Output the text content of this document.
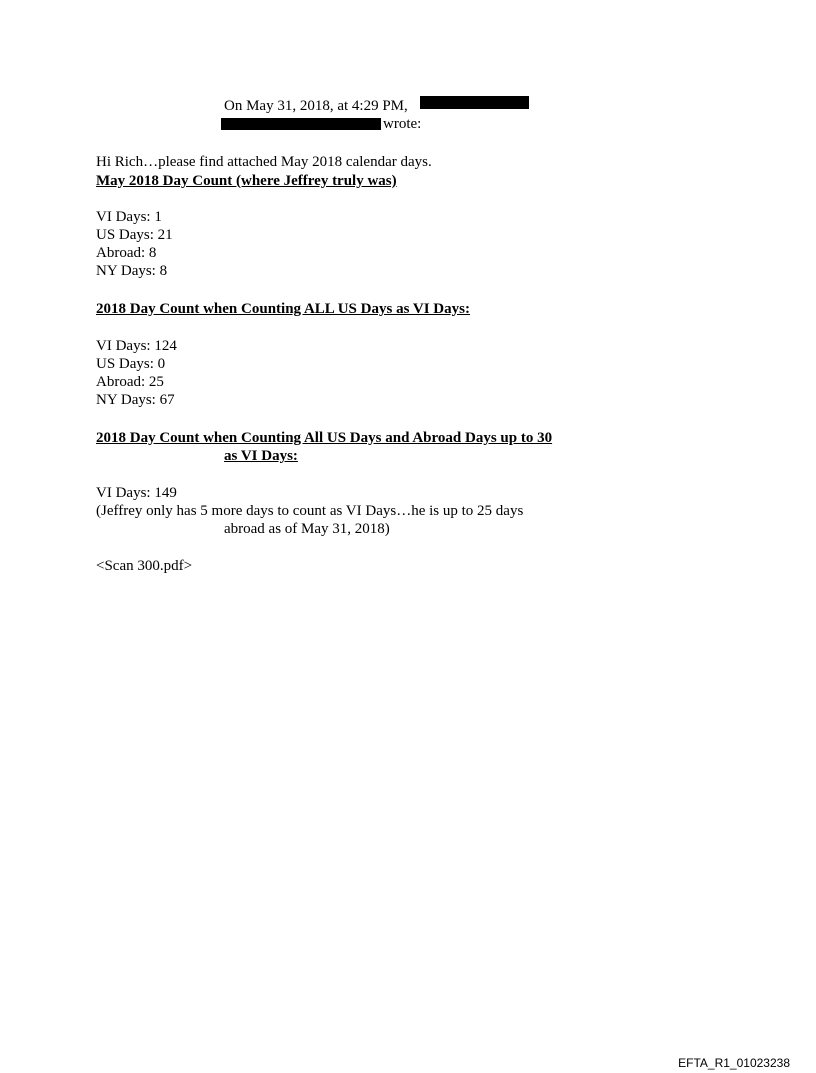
On May 31, 2018, at 4:29 PM,
wrote:
Hi Rich…please find attached May 2018 calendar days.
May 2018 Day Count (where Jeffrey truly was)
VI Days: 1
US Days: 21
Abroad: 8
NY Days: 8
2018 Day Count when Counting ALL US Days as VI Days:
VI Days: 124
US Days: 0
Abroad: 25
NY Days: 67
2018 Day Count when Counting All US Days and Abroad Days up to 30
as VI Days:
VI Days: 149
(Jeffrey only has 5 more days to count as VI Days…he is up to 25 days
abroad as of May 31, 2018)
<Scan 300.pdf>
EFTA_R1_01023238
